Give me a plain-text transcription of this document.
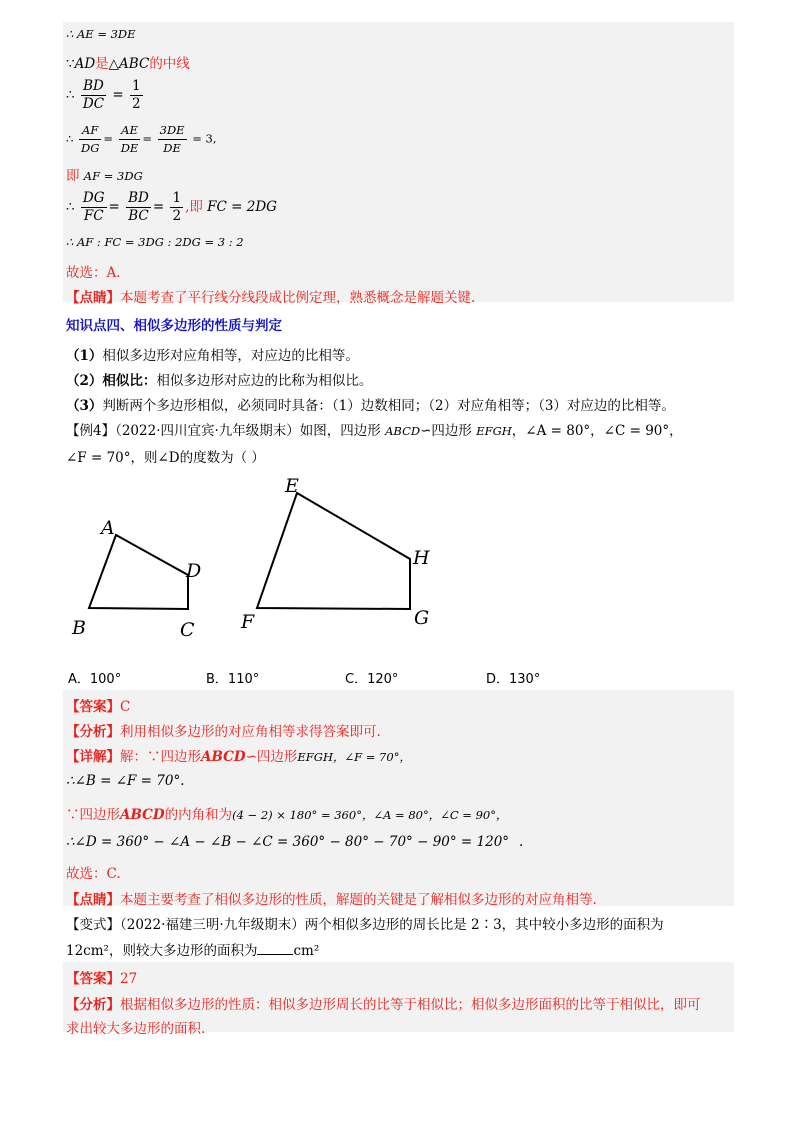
∴ AE = 3DE
∵AD是△ABC的中线
∴ $\frac{BD}{DC} = \frac{1}{2}$
∴ $\frac{AF}{DG} = \frac{AE}{DE} = \frac{3DE}{DE} = 3$,
即 AF = 3DG
∴ $\frac{DG}{FC} = \frac{BD}{BC} = \frac{1}{2}$ ,即 FC = 2DG
∴ AF : FC = 3DG : 2DG = 3 : 2
故选：A.
【点睛】本题考查了平行线分线段成比例定理，熟悉概念是解题关键.
知识点四、相似多边形的性质与判定
（1）相似多边形对应角相等，对应边的比相等。
（2）相似比：相似多边形对应边的比称为相似比。
（3）判断两个多边形相似，必须同时具备：（1）边数相同；（2）对应角相等；（3）对应边的比相等。
【例4】（2022·四川宜宾·九年级期末）如图，四边形 ABCD∽四边形 EFGH，∠A = 80°，∠C = 90°，
∠F = 70°，则∠D的度数为（ ）
A
B	C
D
E
F	G
H
A．100°	B．110°	C．120°	D．130°
【答案】C
【分析】利用相似多边形的对应角相等求得答案即可.
【详解】解：∵四边形ABCD∽四边形EFGH，∠F = 70°，
∴∠B = ∠F = 70°.
∵四边形ABCD的内角和为(4 − 2) × 180° = 360°，∠A = 80°，∠C = 90°，
∴∠D = 360° − ∠A − ∠B − ∠C = 360° − 80° − 70° − 90° = 120° .
故选：C.
【点睛】本题主要考查了相似多边形的性质，解题的关键是了解相似多边形的对应角相等.
【变式】（2022·福建三明·九年级期末）两个相似多边形的周长比是 2∶3，其中较小多边形的面积为
12cm²，则较大多边形的面积为	cm²
【答案】27
【分析】根据相似多边形的性质：相似多边形周长的比等于相似比；相似多边形面积的比等于相似比，即可
求出较大多边形的面积.
